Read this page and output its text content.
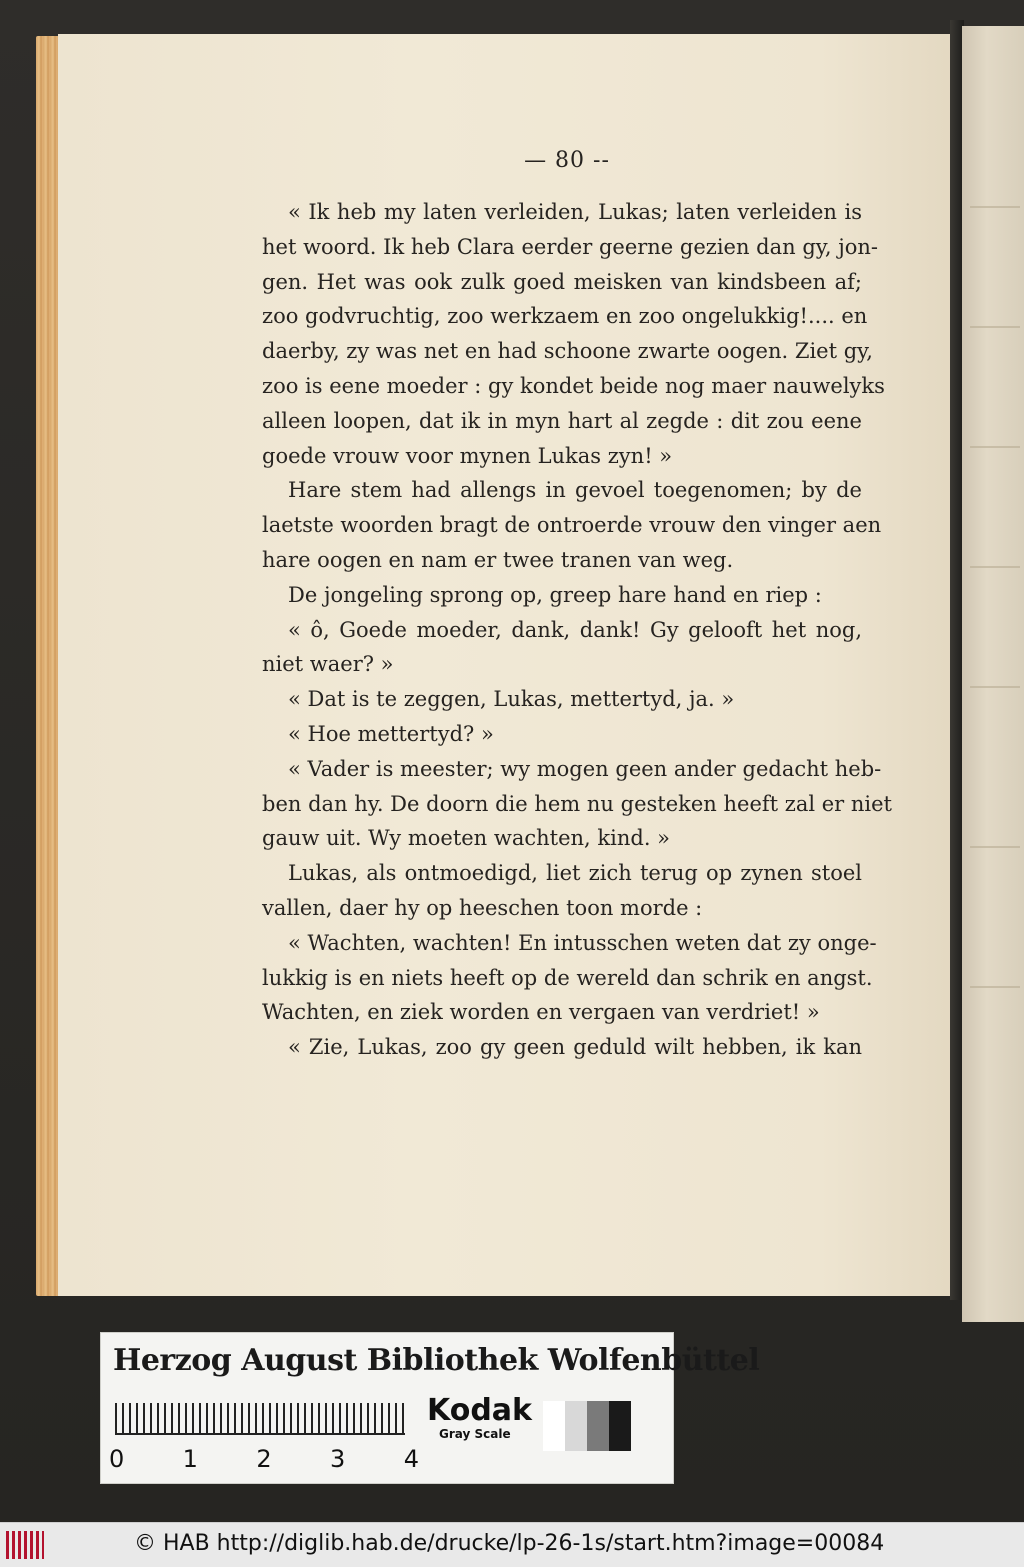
— 80 --
« Ik heb my laten verleiden, Lukas; laten verleiden is
het woord. Ik heb Clara eerder geerne gezien dan gy, jon-
gen. Het was ook zulk goed meisken van kindsbeen af;
zoo godvruchtig, zoo werkzaem en zoo ongelukkig!.... en
daerby, zy was net en had schoone zwarte oogen. Ziet gy,
zoo is eene moeder : gy kondet beide nog maer nauwelyks
alleen loopen, dat ik in myn hart al zegde : dit zou eene
goede vrouw voor mynen Lukas zyn! »
Hare stem had allengs in gevoel toegenomen; by de
laetste woorden bragt de ontroerde vrouw den vinger aen
hare oogen en nam er twee tranen van weg.
De jongeling sprong op, greep hare hand en riep :
« ô, Goede moeder, dank, dank! Gy gelooft het nog,
niet waer? »
« Dat is te zeggen, Lukas, mettertyd, ja. »
« Hoe mettertyd? »
« Vader is meester; wy mogen geen ander gedacht heb-
ben dan hy. De doorn die hem nu gesteken heeft zal er niet
gauw uit. Wy moeten wachten, kind. »
Lukas, als ontmoedigd, liet zich terug op zynen stoel
vallen, daer hy op heeschen toon morde :
« Wachten, wachten! En intusschen weten dat zy onge-
lukkig is en niets heeft op de wereld dan schrik en angst.
Wachten, en ziek worden en vergaen van verdriet! »
« Zie, Lukas, zoo gy geen geduld wilt hebben, ik kan
Herzog August Bibliothek Wolfenbüttel
0 1 2 3 4
Kodak
Gray Scale
© HAB http://diglib.hab.de/drucke/lp-26-1s/start.htm?image=00084
